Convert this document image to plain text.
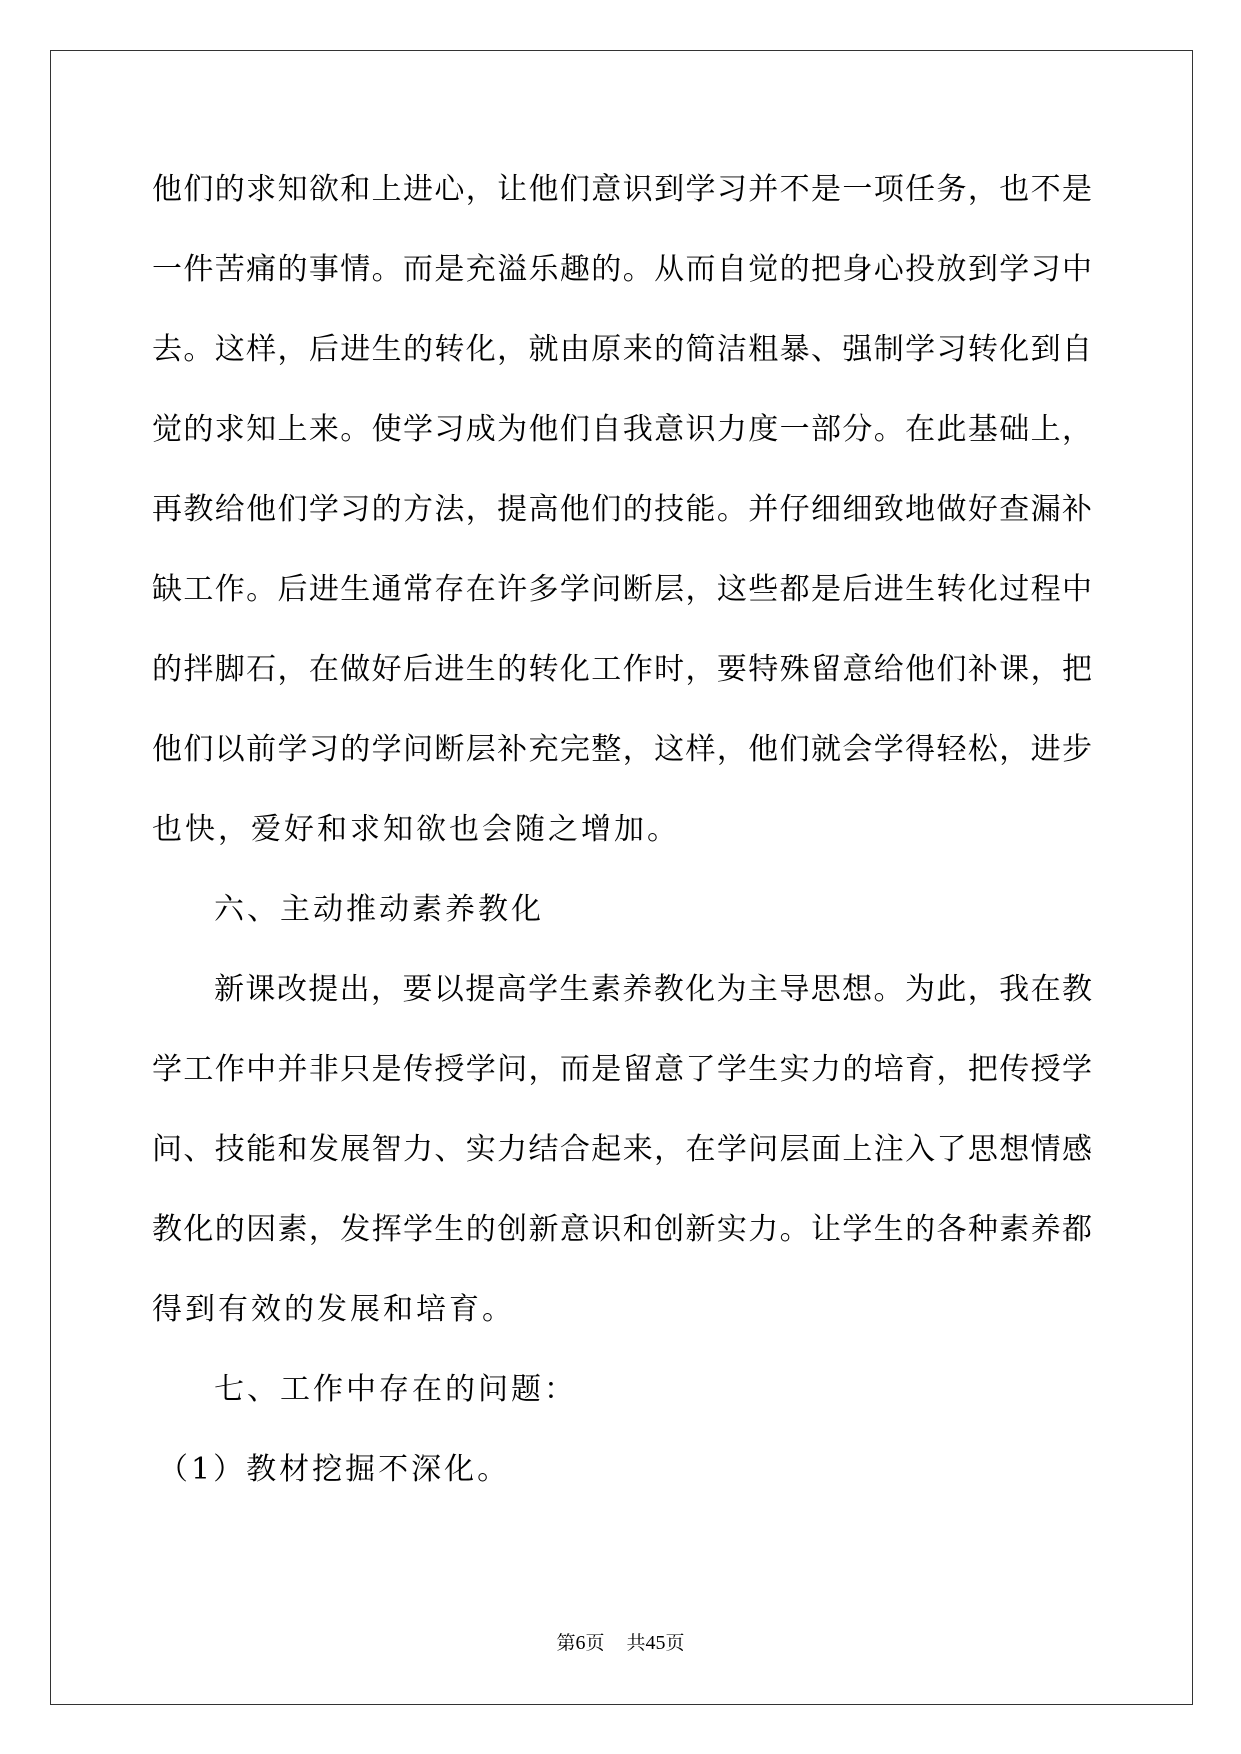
他们的求知欲和上进心，让他们意识到学习并不是一项任务，也不是
一件苦痛的事情。而是充溢乐趣的。从而自觉的把身心投放到学习中
去。这样，后进生的转化，就由原来的简洁粗暴、强制学习转化到自
觉的求知上来。使学习成为他们自我意识力度一部分。在此基础上，
再教给他们学习的方法，提高他们的技能。并仔细细致地做好查漏补
缺工作。后进生通常存在许多学问断层，这些都是后进生转化过程中
的拌脚石，在做好后进生的转化工作时，要特殊留意给他们补课，把
他们以前学习的学问断层补充完整，这样，他们就会学得轻松，进步
也快，爱好和求知欲也会随之增加。
六、主动推动素养教化
新课改提出，要以提高学生素养教化为主导思想。为此，我在教
学工作中并非只是传授学问，而是留意了学生实力的培育，把传授学
问、技能和发展智力、实力结合起来，在学问层面上注入了思想情感
教化的因素，发挥学生的创新意识和创新实力。让学生的各种素养都
得到有效的发展和培育。
七、工作中存在的问题：
（1）教材挖掘不深化。
第6页 共45页
